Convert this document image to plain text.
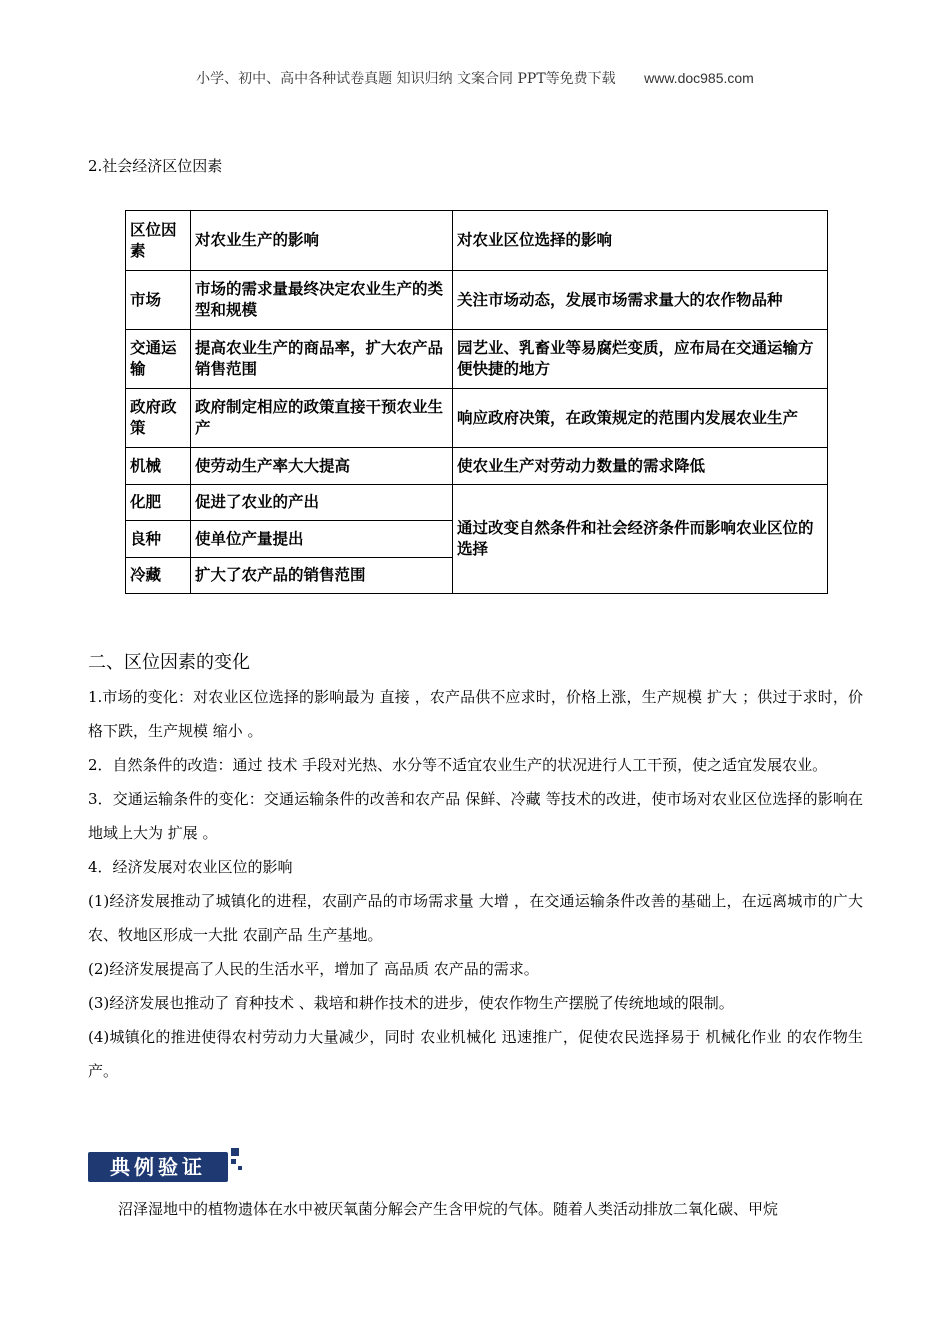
小学、初中、高中各种试卷真题 知识归纳 文案合同 PPT等免费下载 www.doc985.com
2.社会经济区位因素
区位因素	对农业生产的影响	对农业区位选择的影响
市场	市场的需求量最终决定农业生产的类型和规模	关注市场动态，发展市场需求量大的农作物品种
交通运输	提高农业生产的商品率，扩大农产品销售范围	园艺业、乳畜业等易腐烂变质，应布局在交通运输方便快捷的地方
政府政策	政府制定相应的政策直接干预农业生产	响应政府决策，在政策规定的范围内发展农业生产
机械	使劳动生产率大大提高	使农业生产对劳动力数量的需求降低
化肥	促进了农业的产出	通过改变自然条件和社会经济条件而影响农业区位的选择
良种	使单位产量提出	
冷藏	扩大了农产品的销售范围	
二、区位因素的变化

1.市场的变化：对农业区位选择的影响最为 直接 ，农产品供不应求时，价格上涨，生产规模 扩大 ；供过于求时，价格下跌，生产规模 缩小 。

2．自然条件的改造：通过 技术 手段对光热、水分等不适宜农业生产的状况进行人工干预，使之适宜发展农业。

3．交通运输条件的变化：交通运输条件的改善和农产品 保鲜、冷藏 等技术的改进，使市场对农业区位选择的影响在地域上大为 扩展 。

4．经济发展对农业区位的影响

(1)经济发展推动了城镇化的进程，农副产品的市场需求量 大增 ，在交通运输条件改善的基础上，在远离城市的广大农、牧地区形成一大批 农副产品 生产基地。

(2)经济发展提高了人民的生活水平，增加了 高品质 农产品的需求。

(3)经济发展也推动了 育种技术 、栽培和耕作技术的进步，使农作物生产摆脱了传统地域的限制。

(4)城镇化的推进使得农村劳动力大量减少，同时 农业机械化 迅速推广，促使农民选择易于 机械化作业 的农作物生产。

典例验证
沼泽湿地中的植物遗体在水中被厌氧菌分解会产生含甲烷的气体。随着人类活动排放二氧化碳、甲烷
